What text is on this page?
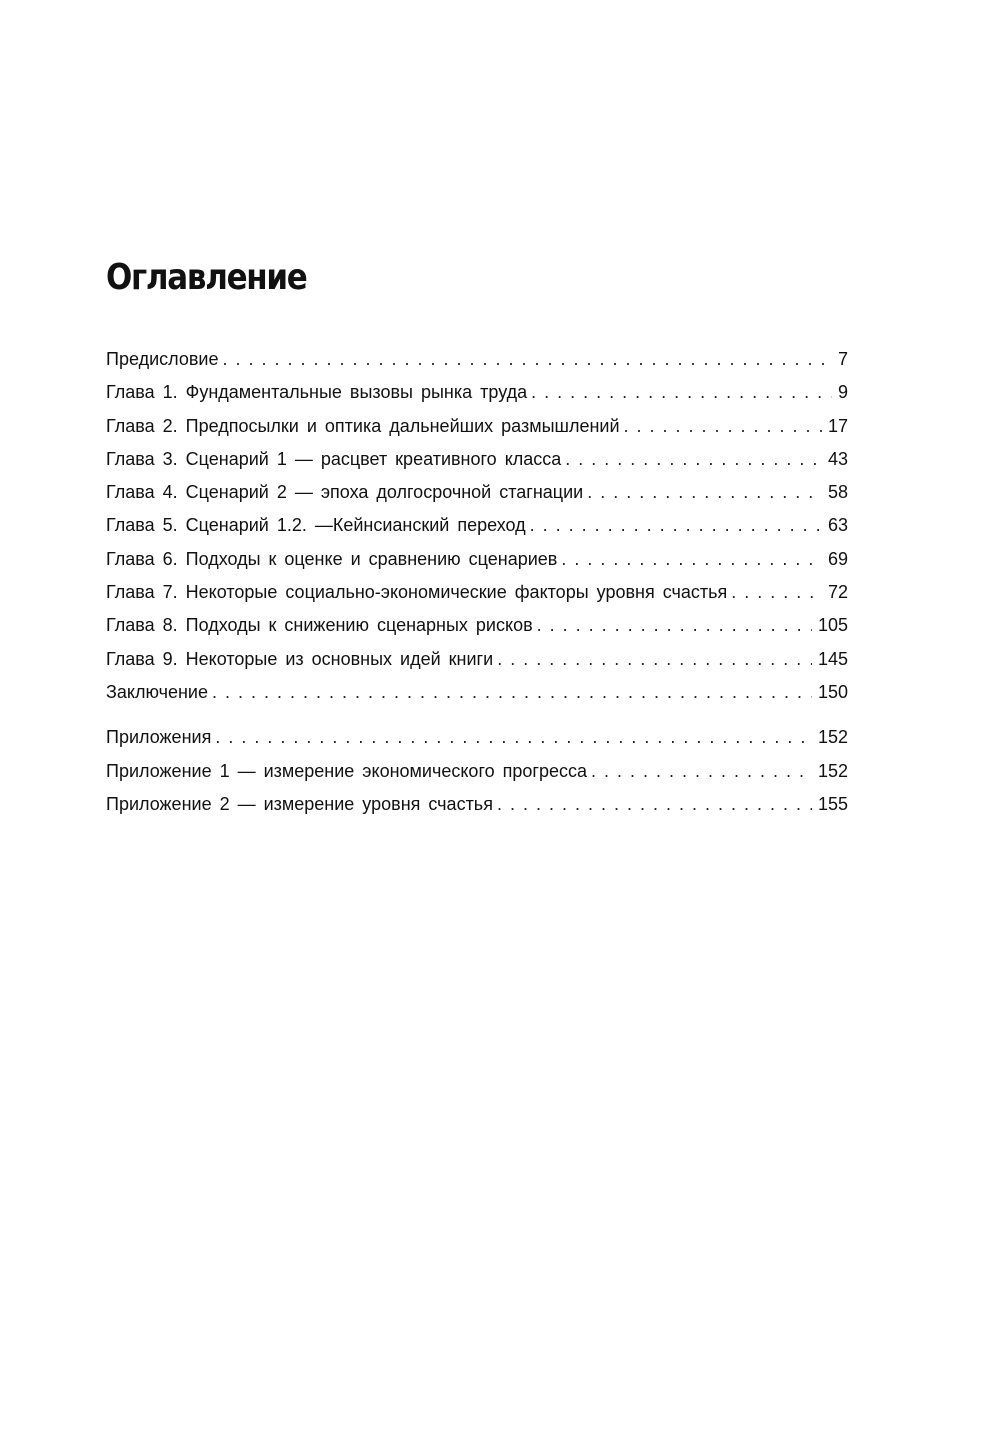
Оглавление
Предисловие . . .	7
Глава 1. Фундаментальные вызовы рынка труда . . .	9
Глава 2. Предпосылки и оптика дальнейших размышлений . . .	17
Глава 3. Сценарий 1 — расцвет креативного класса . . .	43
Глава 4. Сценарий 2 — эпоха долгосрочной стагнации . . .	58
Глава 5. Сценарий 1.2. —Кейнсианский переход . . .	63
Глава 6. Подходы к оценке и сравнению сценариев . . .	69
Глава 7. Некоторые социально-экономические факторы уровня счастья . . .	72
Глава 8. Подходы к снижению сценарных рисков . . .	105
Глава 9. Некоторые из основных идей книги . . .	145
Заключение . . .	150
Приложения . . .	152
Приложение 1 — измерение экономического прогресса . . .	152
Приложение 2 — измерение уровня счастья . . .	155
